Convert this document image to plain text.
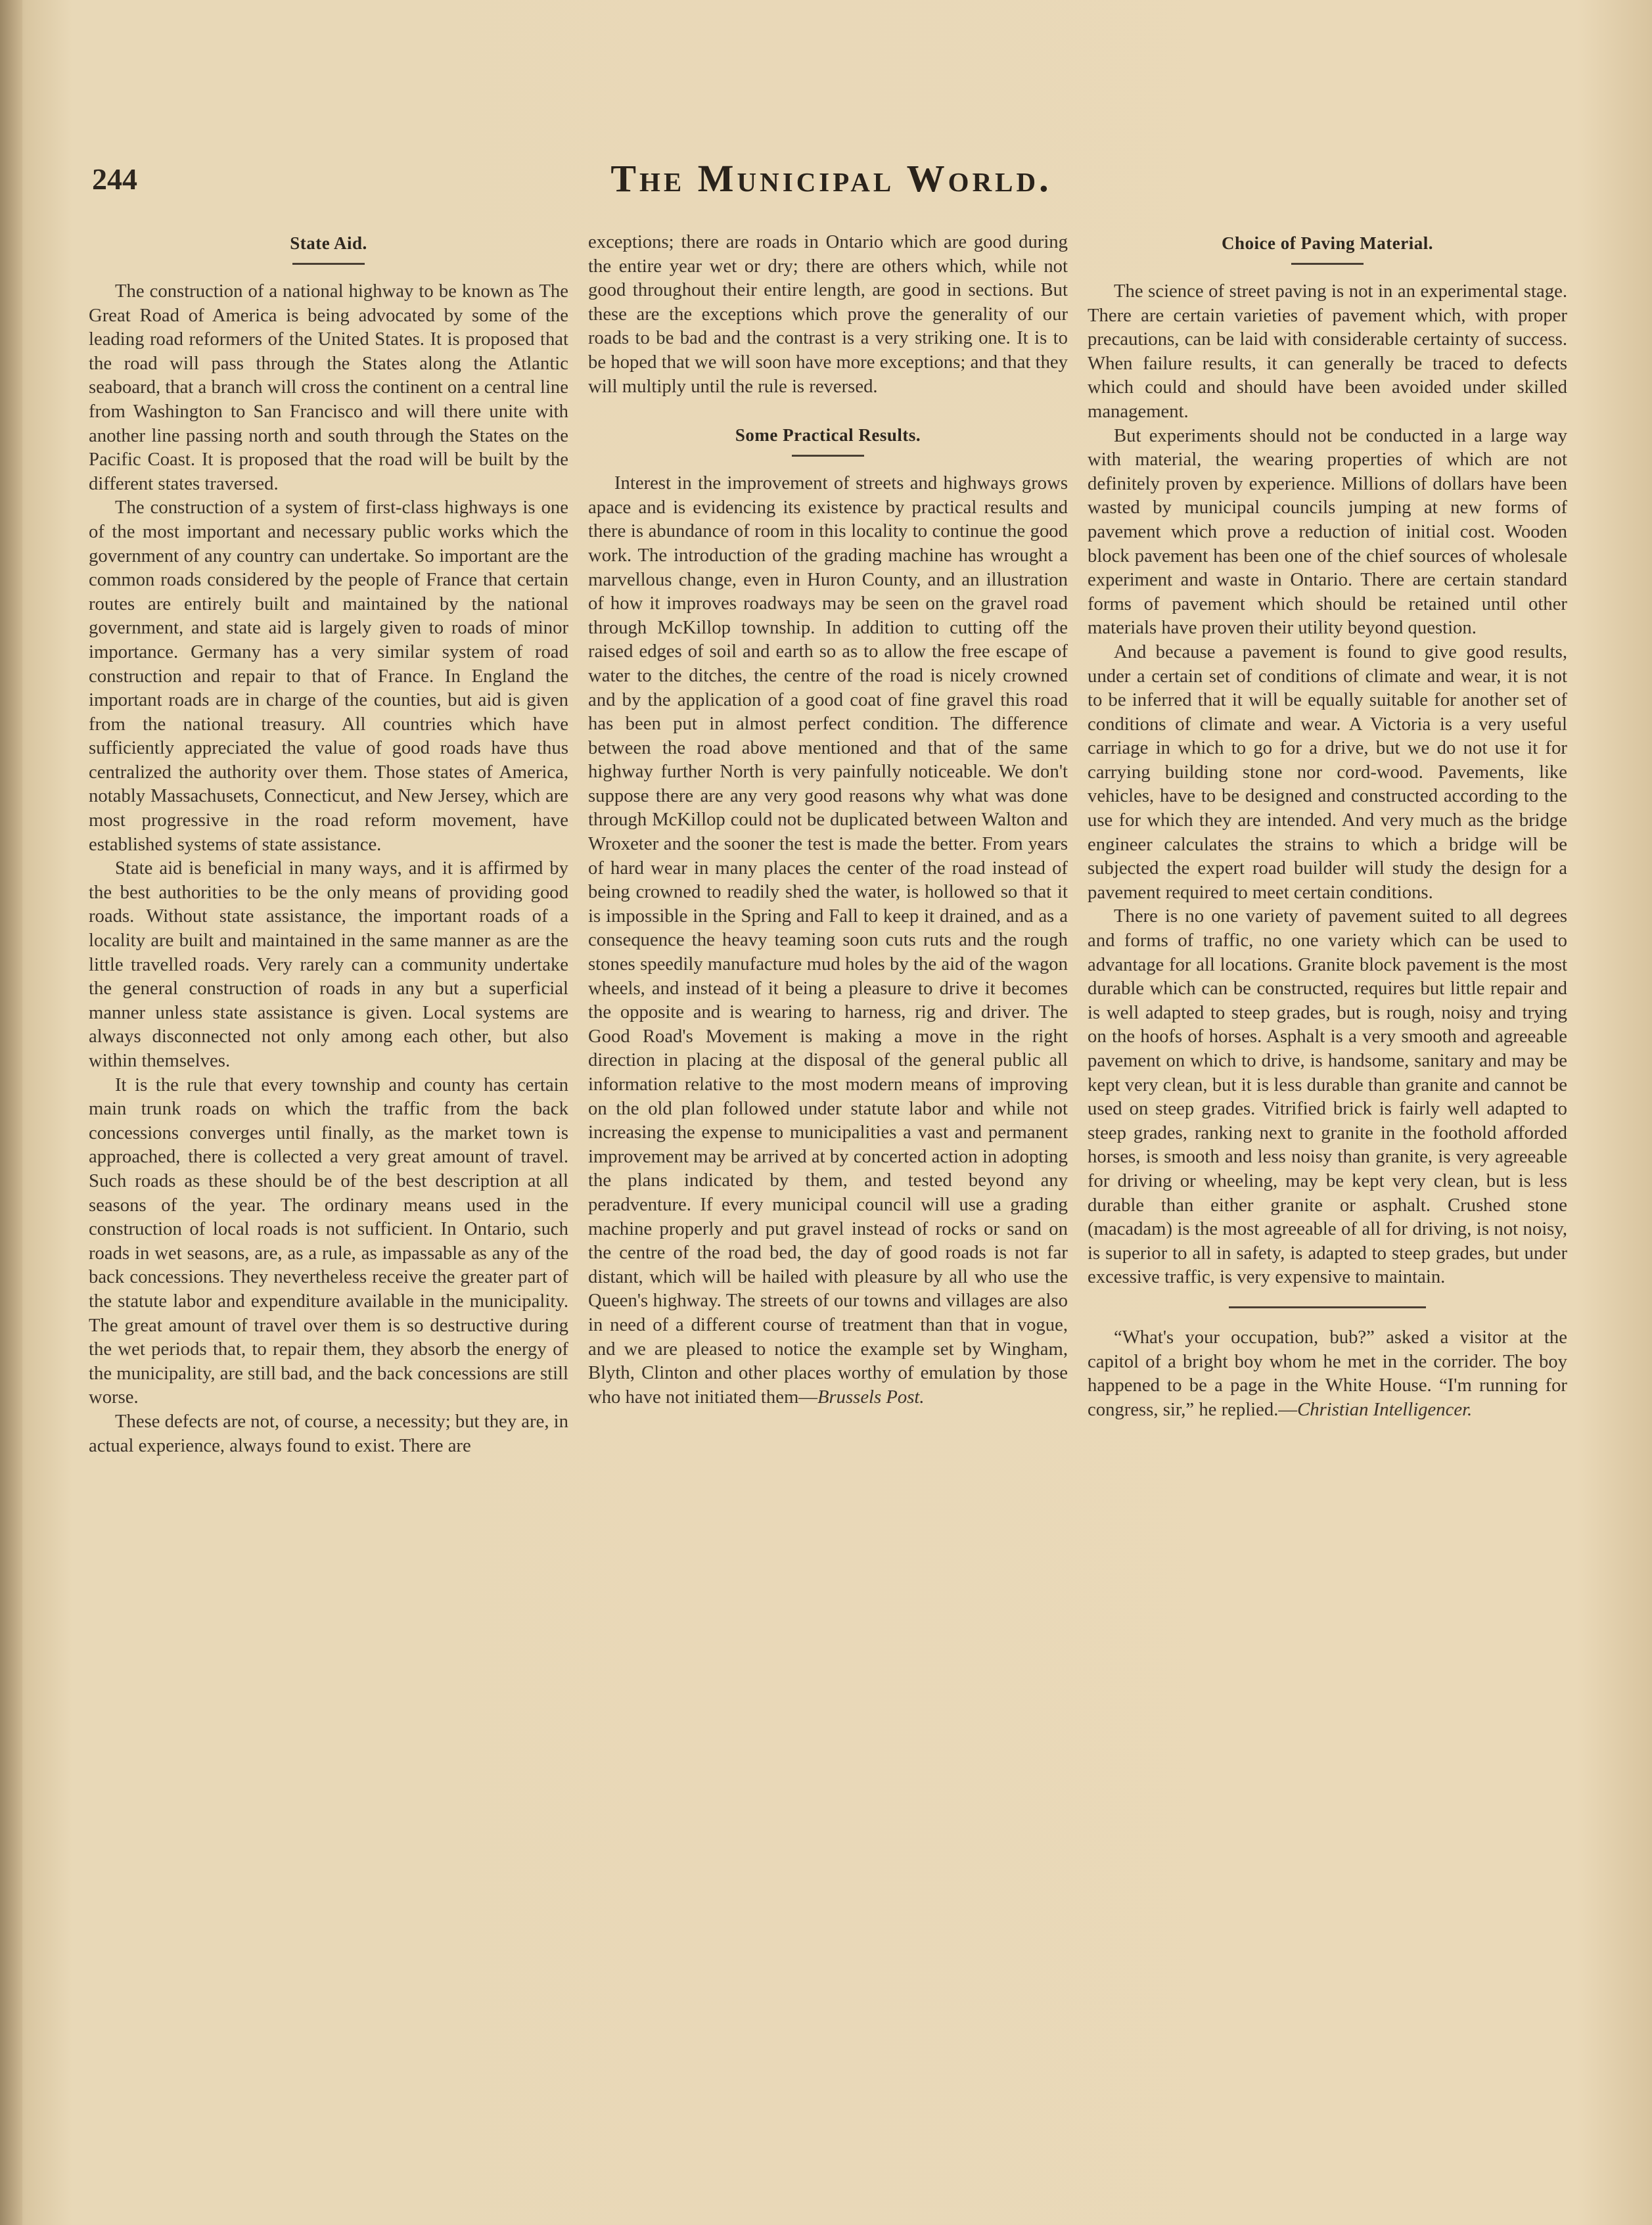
244	The Municipal World.
State Aid.

The construction of a national highway to be known as The Great Road of America is being advocated by some of the leading road reformers of the United States. It is proposed that the road will pass through the States along the Atlantic seaboard, that a branch will cross the continent on a central line from Washington to San Francisco and will there unite with another line passing north and south through the States on the Pacific Coast. It is proposed that the road will be built by the different states traversed.

The construction of a system of first-class highways is one of the most important and necessary public works which the government of any country can undertake. So important are the common roads considered by the people of France that certain routes are entirely built and maintained by the national government, and state aid is largely given to roads of minor importance. Germany has a very similar system of road construction and repair to that of France. In England the important roads are in charge of the counties, but aid is given from the national treasury. All countries which have sufficiently appreciated the value of good roads have thus centralized the authority over them. Those states of America, notably Massachusets, Connecticut, and New Jersey, which are most progressive in the road reform movement, have established systems of state assistance.

State aid is beneficial in many ways, and it is affirmed by the best authorities to be the only means of providing good roads. Without state assistance, the important roads of a locality are built and maintained in the same manner as are the little travelled roads. Very rarely can a community undertake the general construction of roads in any but a superficial manner unless state assistance is given. Local systems are always disconnected not only among each other, but also within themselves.

It is the rule that every township and county has certain main trunk roads on which the traffic from the back concessions converges until finally, as the market town is approached, there is collected a very great amount of travel. Such roads as these should be of the best description at all seasons of the year. The ordinary means used in the construction of local roads is not sufficient. In Ontario, such roads in wet seasons, are, as a rule, as impassable as any of the back concessions. They nevertheless receive the greater part of the statute labor and expenditure available in the municipality. The great amount of travel over them is so destructive during the wet periods that, to repair them, they absorb the energy of the municipality, are still bad, and the back concessions are still worse.

These defects are not, of course, a necessity; but they are, in actual experience, always found to exist. There are

exceptions; there are roads in Ontario which are good during the entire year wet or dry; there are others which, while not good throughout their entire length, are good in sections. But these are the exceptions which prove the generality of our roads to be bad and the contrast is a very striking one. It is to be hoped that we will soon have more exceptions; and that they will multiply until the rule is reversed.

Some Practical Results.

Interest in the improvement of streets and highways grows apace and is evidencing its existence by practical results and there is abundance of room in this locality to continue the good work. The introduction of the grading machine has wrought a marvellous change, even in Huron County, and an illustration of how it improves roadways may be seen on the gravel road through McKillop township. In addition to cutting off the raised edges of soil and earth so as to allow the free escape of water to the ditches, the centre of the road is nicely crowned and by the application of a good coat of fine gravel this road has been put in almost perfect condition. The difference between the road above mentioned and that of the same highway further North is very painfully noticeable. We don't suppose there are any very good reasons why what was done through McKillop could not be duplicated between Walton and Wroxeter and the sooner the test is made the better. From years of hard wear in many places the center of the road instead of being crowned to readily shed the water, is hollowed so that it is impossible in the Spring and Fall to keep it drained, and as a consequence the heavy teaming soon cuts ruts and the rough stones speedily manufacture mud holes by the aid of the wagon wheels, and instead of it being a pleasure to drive it becomes the opposite and is wearing to harness, rig and driver. The Good Road's Movement is making a move in the right direction in placing at the disposal of the general public all information relative to the most modern means of improving on the old plan followed under statute labor and while not increasing the expense to municipalities a vast and permanent improvement may be arrived at by concerted action in adopting the plans indicated by them, and tested beyond any peradventure. If every municipal council will use a grading machine properly and put gravel instead of rocks or sand on the centre of the road bed, the day of good roads is not far distant, which will be hailed with pleasure by all who use the Queen's highway. The streets of our towns and villages are also in need of a different course of treatment than that in vogue, and we are pleased to notice the example set by Wingham, Blyth, Clinton and other places worthy of emulation by those who have not initiated them—Brussels Post.

Choice of Paving Material.

The science of street paving is not in an experimental stage. There are certain varieties of pavement which, with proper precautions, can be laid with considerable certainty of success. When failure results, it can generally be traced to defects which could and should have been avoided under skilled management.

But experiments should not be conducted in a large way with material, the wearing properties of which are not definitely proven by experience. Millions of dollars have been wasted by municipal councils jumping at new forms of pavement which prove a reduction of initial cost. Wooden block pavement has been one of the chief sources of wholesale experiment and waste in Ontario. There are certain standard forms of pavement which should be retained until other materials have proven their utility beyond question.

And because a pavement is found to give good results, under a certain set of conditions of climate and wear, it is not to be inferred that it will be equally suitable for another set of conditions of climate and wear. A Victoria is a very useful carriage in which to go for a drive, but we do not use it for carrying building stone nor cord-wood. Pavements, like vehicles, have to be designed and constructed according to the use for which they are intended. And very much as the bridge engineer calculates the strains to which a bridge will be subjected the expert road builder will study the design for a pavement required to meet certain conditions.

There is no one variety of pavement suited to all degrees and forms of traffic, no one variety which can be used to advantage for all locations. Granite block pavement is the most durable which can be constructed, requires but little repair and is well adapted to steep grades, but is rough, noisy and trying on the hoofs of horses. Asphalt is a very smooth and agreeable pavement on which to drive, is handsome, sanitary and may be kept very clean, but it is less durable than granite and cannot be used on steep grades. Vitrified brick is fairly well adapted to steep grades, ranking next to granite in the foothold afforded horses, is smooth and less noisy than granite, is very agreeable for driving or wheeling, may be kept very clean, but is less durable than either granite or asphalt. Crushed stone (macadam) is the most agreeable of all for driving, is not noisy, is superior to all in safety, is adapted to steep grades, but under excessive traffic, is very expensive to maintain.

“What's your occupation, bub?” asked a visitor at the capitol of a bright boy whom he met in the corrider. The boy happened to be a page in the White House. “I'm running for congress, sir,” he replied.—Christian Intelligencer.
